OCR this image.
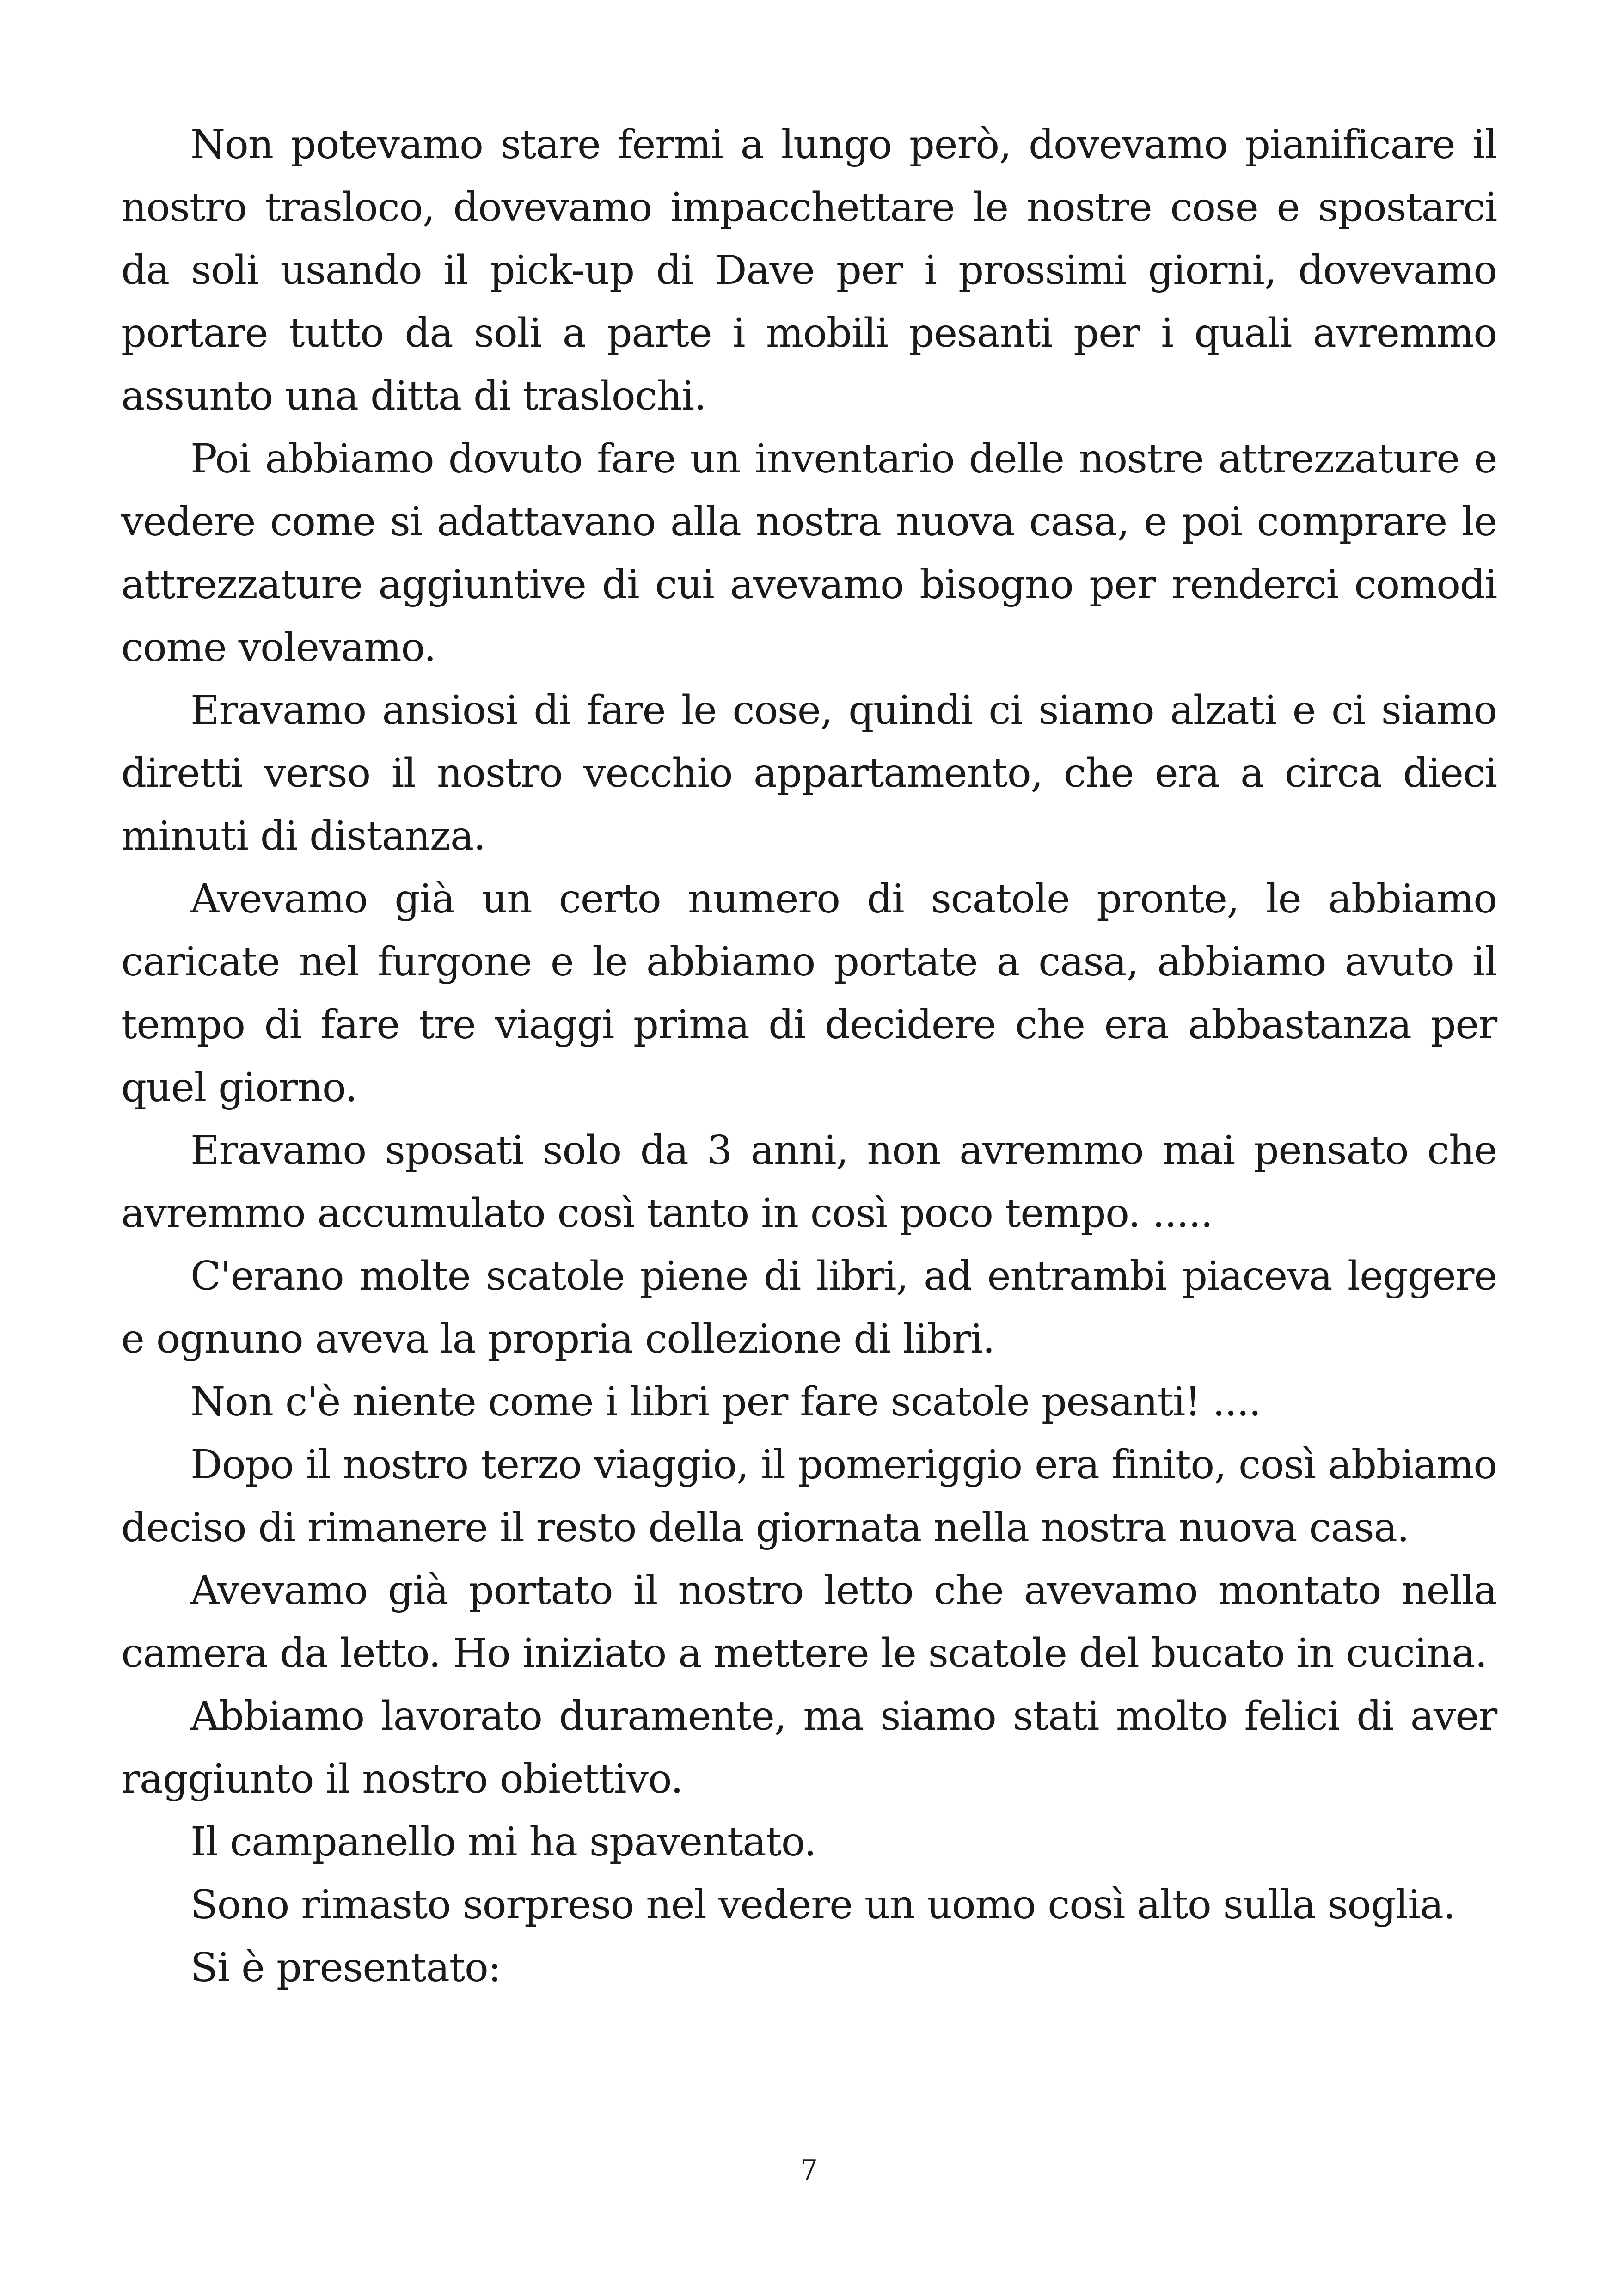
Non potevamo stare fermi a lungo però, dovevamo pianificare il nostro trasloco, dovevamo impacchettare le nostre cose e spostarci da soli usando il pick-up di Dave per i prossimi giorni, dovevamo portare tutto da soli a parte i mobili pesanti per i quali avremmo assunto una ditta di traslochi.

Poi abbiamo dovuto fare un inventario delle nostre attrezzature e vedere come si adattavano alla nostra nuova casa, e poi comprare le attrezzature aggiuntive di cui avevamo bisogno per renderci comodi come volevamo.

Eravamo ansiosi di fare le cose, quindi ci siamo alzati e ci siamo diretti verso il nostro vecchio appartamento, che era a circa dieci minuti di distanza.

Avevamo già un certo numero di scatole pronte, le abbiamo caricate nel furgone e le abbiamo portate a casa, abbiamo avuto il tempo di fare tre viaggi prima di decidere che era abbastanza per quel giorno.

Eravamo sposati solo da 3 anni, non avremmo mai pensato che avremmo accumulato così tanto in così poco tempo. .....

C'erano molte scatole piene di libri, ad entrambi piaceva leggere e ognuno aveva la propria collezione di libri.

Non c'è niente come i libri per fare scatole pesanti! ....

Dopo il nostro terzo viaggio, il pomeriggio era finito, così abbiamo deciso di rimanere il resto della giornata nella nostra nuova casa.

Avevamo già portato il nostro letto che avevamo montato nella camera da letto. Ho iniziato a mettere le scatole del bucato in cucina.

Abbiamo lavorato duramente, ma siamo stati molto felici di aver raggiunto il nostro obiettivo.

Il campanello mi ha spaventato.

Sono rimasto sorpreso nel vedere un uomo così alto sulla soglia.

Si è presentato:

7
